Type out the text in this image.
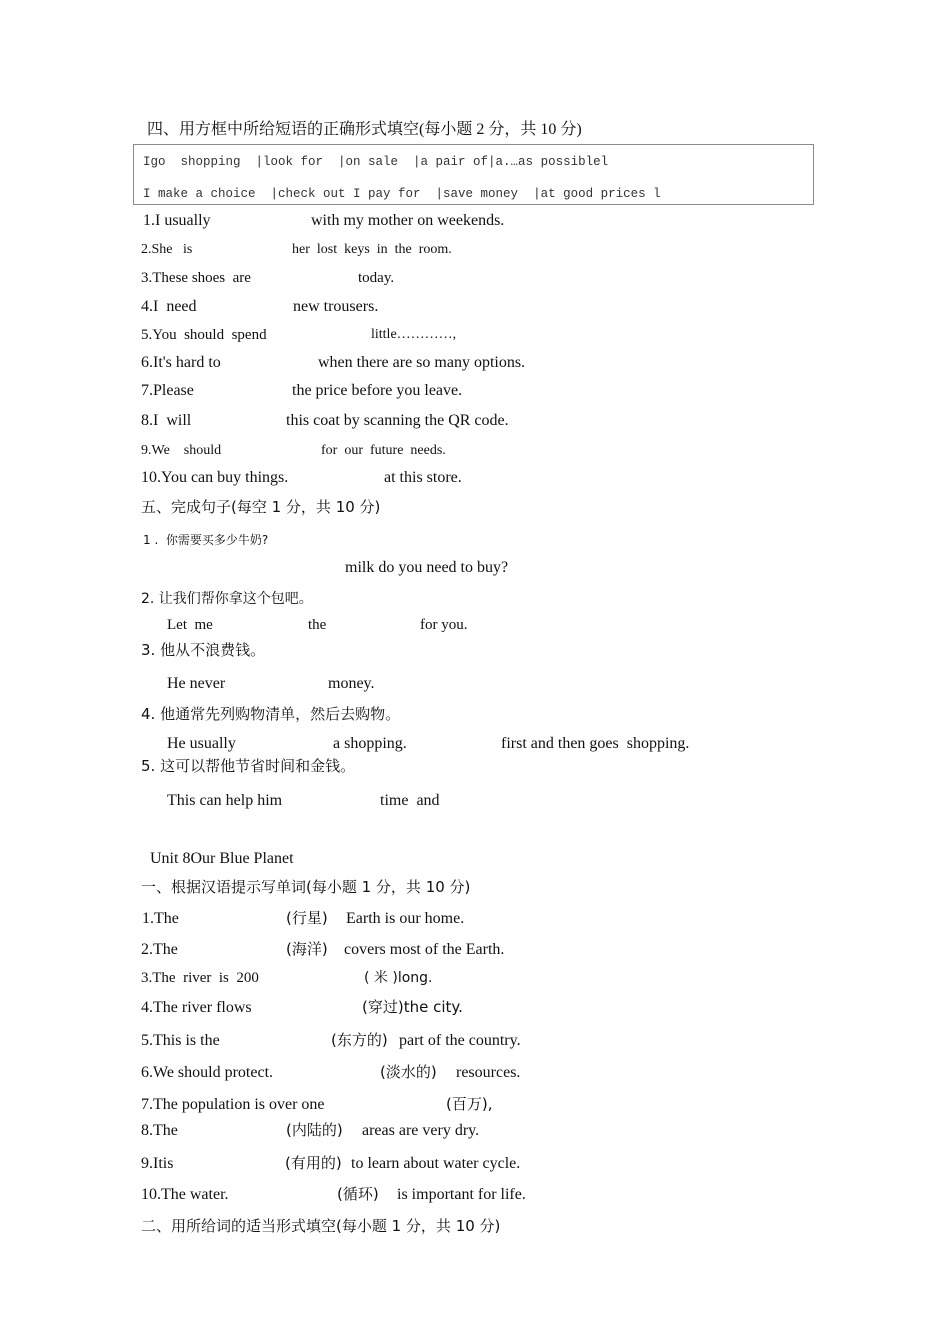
四、用方框中所给短语的正确形式填空(每小题 2 分，共 10 分)
Igo  shopping  |look for  |on sale  |a pair of|a.…as possiblel
I make a choice  |check out I pay for  |save money  |at good prices l
1.I usually	with my mother on weekends.
2.She   is	her  lost  keys  in  the  room.
3.These shoes  are	today.
4.I  need	new trousers.
5.You  should  spend	little…………,
6.It's hard to	when there are so many options.
7.Please	the price before you leave.
8.I  will	this coat by scanning the QR code.
9.We    should	for  our  future  needs.
10.You can buy things.	at this store.
五、完成句子(每空 1 分，共 10 分)
1 .  你需要买多少牛奶?
milk do you need to buy?
2. 让我们帮你拿这个包吧。
Let  me	the	for you.
3. 他从不浪费钱。
He never	money.
4. 他通常先列购物清单，然后去购物。
He usually	a shopping.	first and then goes  shopping.
5. 这可以帮他节省时间和金钱。
This can help him	time  and
Unit 8Our Blue Planet
一、根据汉语提示写单词(每小题 1 分，共 10 分)
1.The	(行星) Earth is our home.
2.The	(海洋) covers most of the Earth.
3.The  river  is  200	( 米 )long.
4.The river flows	(穿过)the city.
5.This is the	(东方的) part of the country.
6.We should protect.	(淡水的) resources.
7.The population is over one	(百万),
8.The	(内陆的) areas are very dry.
9.Itis	(有用的) to learn about water cycle.
10.The water.	(循环) is important for life.
二、用所给词的适当形式填空(每小题 1 分，共 10 分)
